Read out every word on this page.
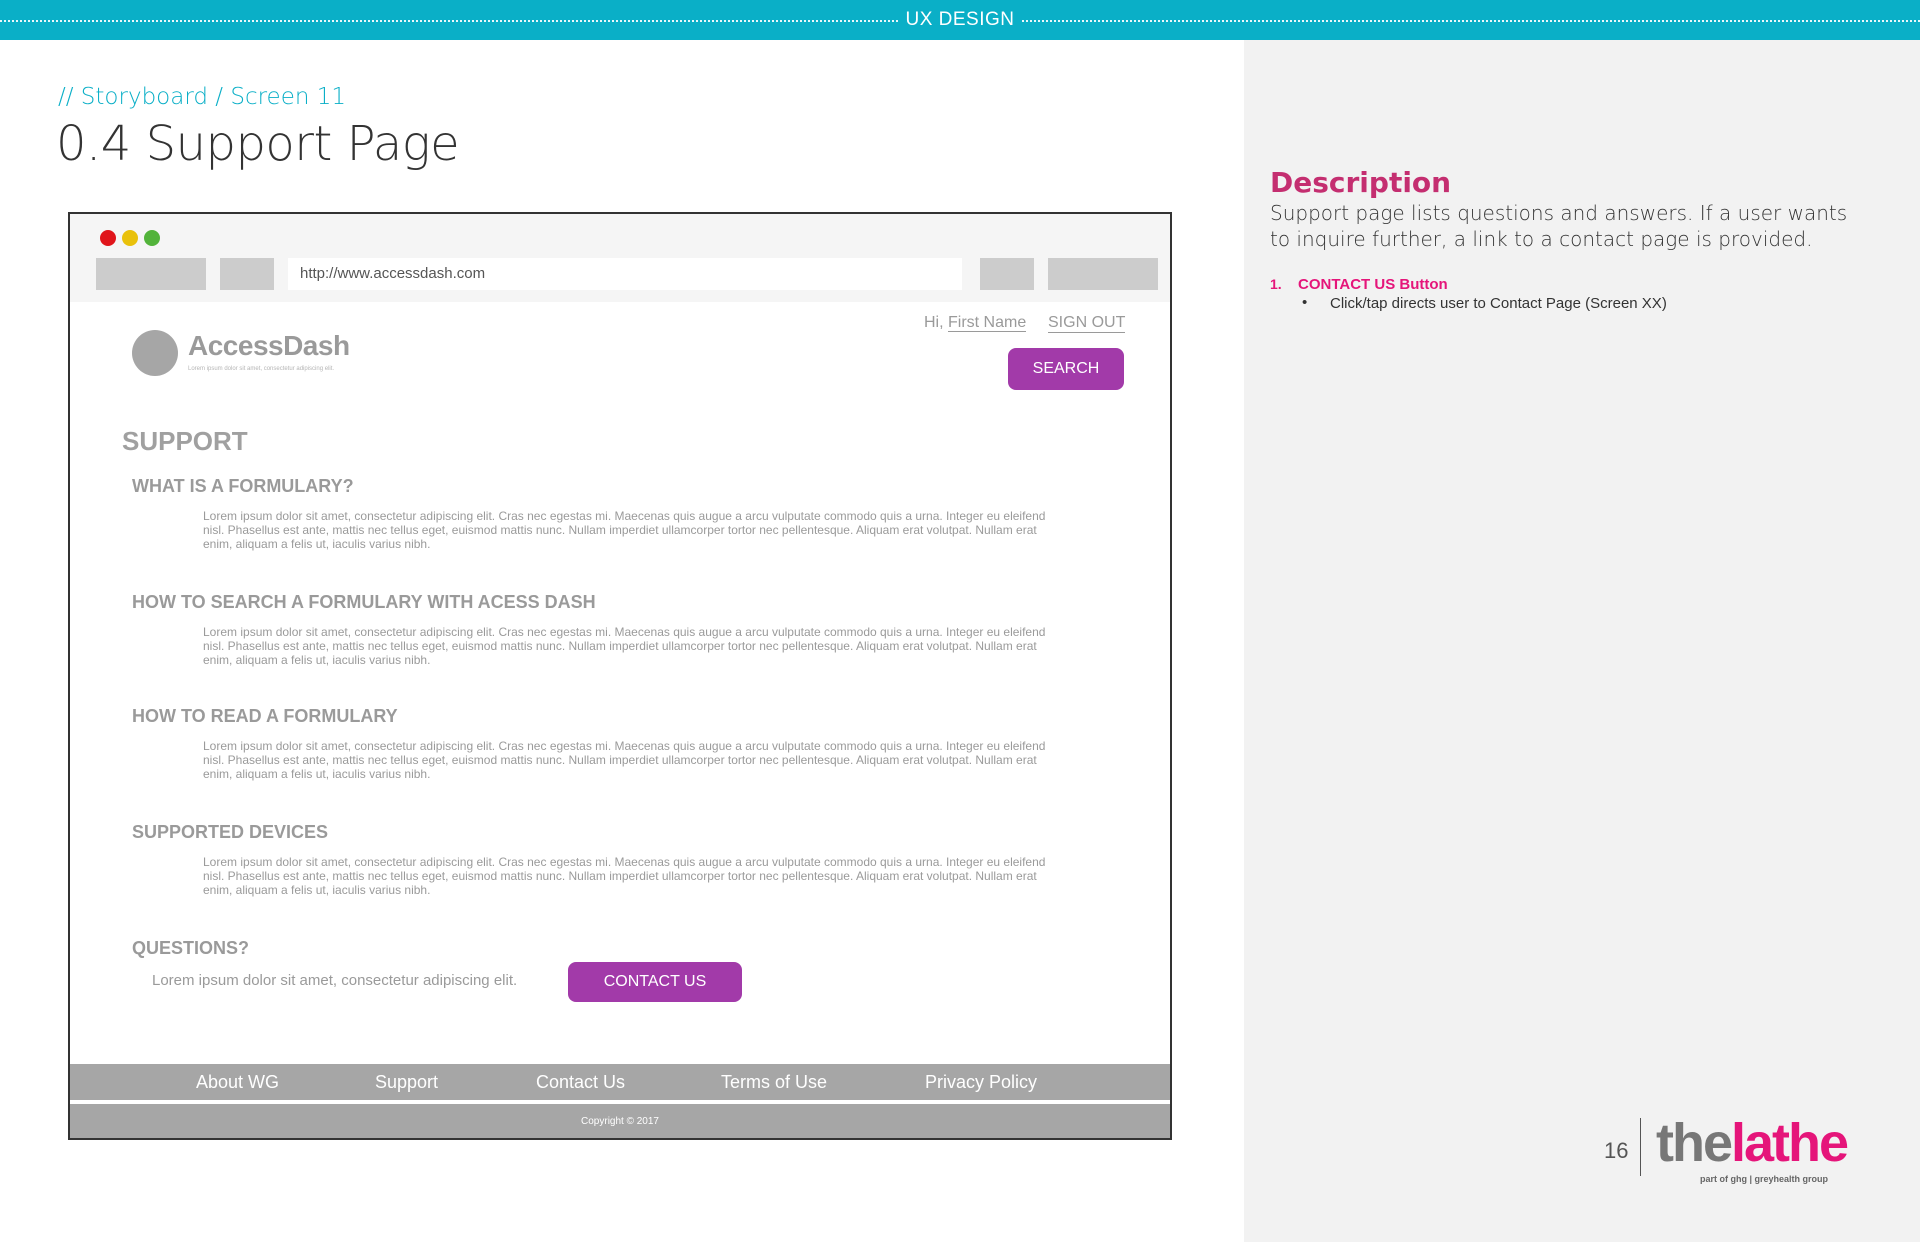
UX DESIGN
// Storyboard / Screen 11
0.4 Support Page
http://www.accessdash.com
AccessDash
Lorem ipsum dolor sit amet, consectetur adipiscing elit.
Hi, First Name SIGN OUT
SEARCH
SUPPORT
WHAT IS A FORMULARY?

Lorem ipsum dolor sit amet, consectetur adipiscing elit. Cras nec egestas mi. Maecenas quis augue a arcu vulputate commodo quis a urna. Integer eu eleifend nisl. Phasellus est ante, mattis nec tellus eget, euismod mattis nunc. Nullam imperdiet ullamcorper tortor nec pellentesque. Aliquam erat volutpat. Nullam erat enim, aliquam a felis ut, iaculis varius nibh.

HOW TO SEARCH A FORMULARY WITH ACESS DASH

Lorem ipsum dolor sit amet, consectetur adipiscing elit. Cras nec egestas mi. Maecenas quis augue a arcu vulputate commodo quis a urna. Integer eu eleifend nisl. Phasellus est ante, mattis nec tellus eget, euismod mattis nunc. Nullam imperdiet ullamcorper tortor nec pellentesque. Aliquam erat volutpat. Nullam erat enim, aliquam a felis ut, iaculis varius nibh.

HOW TO READ A FORMULARY

Lorem ipsum dolor sit amet, consectetur adipiscing elit. Cras nec egestas mi. Maecenas quis augue a arcu vulputate commodo quis a urna. Integer eu eleifend nisl. Phasellus est ante, mattis nec tellus eget, euismod mattis nunc. Nullam imperdiet ullamcorper tortor nec pellentesque. Aliquam erat volutpat. Nullam erat enim, aliquam a felis ut, iaculis varius nibh.

SUPPORTED DEVICES

Lorem ipsum dolor sit amet, consectetur adipiscing elit. Cras nec egestas mi. Maecenas quis augue a arcu vulputate commodo quis a urna. Integer eu eleifend nisl. Phasellus est ante, mattis nec tellus eget, euismod mattis nunc. Nullam imperdiet ullamcorper tortor nec pellentesque. Aliquam erat volutpat. Nullam erat enim, aliquam a felis ut, iaculis varius nibh.

QUESTIONS?
Lorem ipsum dolor sit amet, consectetur adipiscing elit.	CONTACT US
About WG	Support	Contact Us	Terms of Use	Privacy Policy
Copyright © 2017
Description
Support page lists questions and answers. If a user wants to inquire further, a link to a contact page is provided.
1. CONTACT US Button
• Click/tap directs user to Contact Page (Screen XX)
16 thelathe
part of ghg | greyhealth group
